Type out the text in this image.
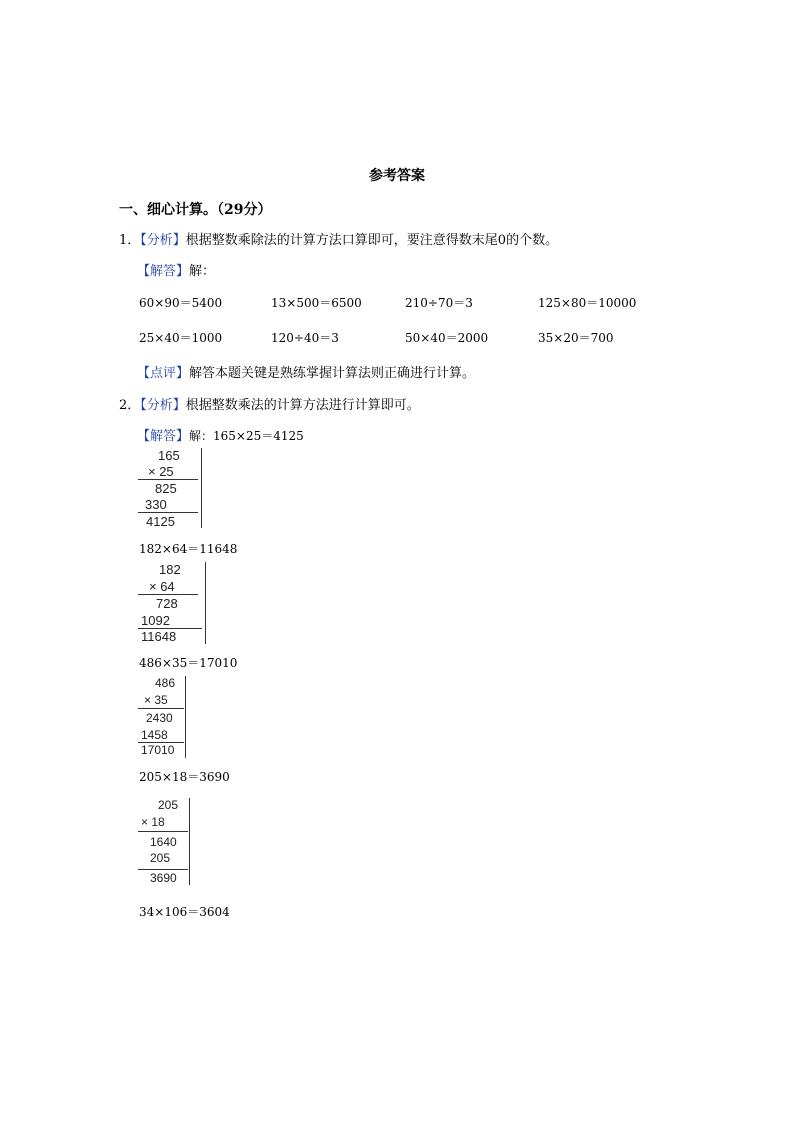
参考答案
一、细心计算。（29分）
1．【分析】根据整数乘除法的计算方法口算即可，要注意得数末尾0的个数。
【解答】解：
60×90＝5400	13×500＝6500	210÷70＝3	125×80＝10000
25×40＝1000	120÷40＝3	50×40＝2000	35×20＝700
【点评】解答本题关键是熟练掌握计算法则正确进行计算。
2．【分析】根据整数乘法的计算方法进行计算即可。
【解答】解：165×25＝4125
165
× 25
825
330
4125
182×64＝11648
182
× 64
728
1092
11648
486×35＝17010
486
× 35
2430
1458
17010
205×18＝3690
205
× 18
1640
205
3690
34×106＝3604
